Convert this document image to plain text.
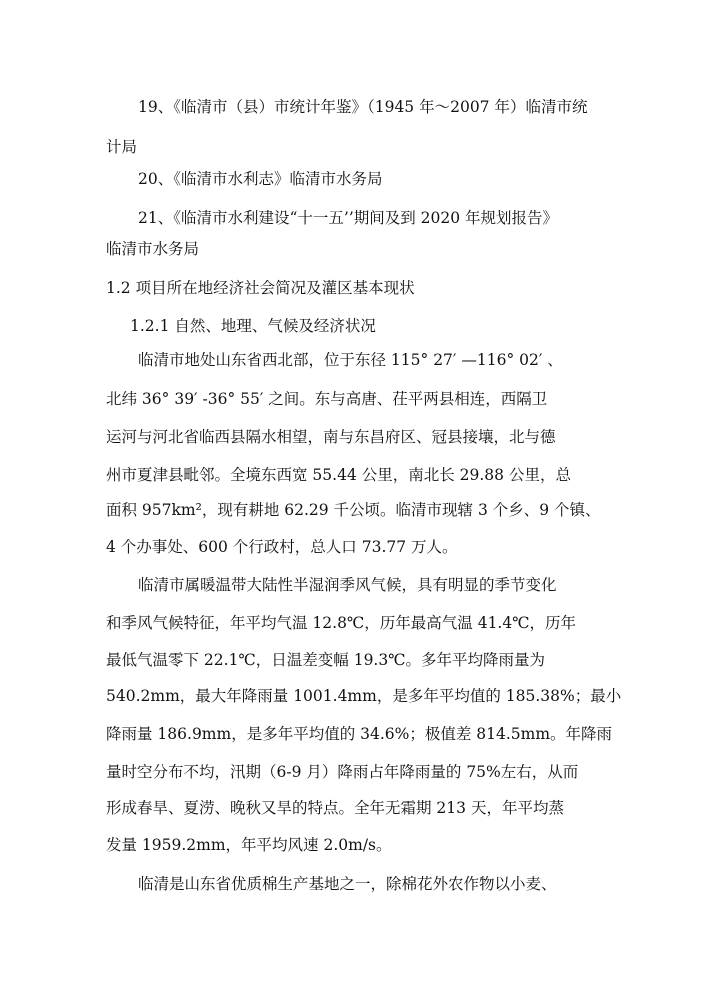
19、《临清市（县）市统计年鉴》（1945 年～2007 年）临清市统
计局
20、《临清市水利志》临清市水务局
21、《临清市水利建设“十一五’’期间及到 2020 年规划报告》
临清市水务局
1.2 项目所在地经济社会简况及灌区基本现状
1.2.1 自然、地理、气候及经济状况
临清市地处山东省西北部，位于东径 115° 27′ —116° 02′ 、
北纬 36° 39′ -36° 55′ 之间。东与高唐、茌平两县相连，西隔卫
运河与河北省临西县隔水相望，南与东昌府区、冠县接壤，北与德
州市夏津县毗邻。全境东西宽 55.44 公里，南北长 29.88 公里，总
面积 957km²，现有耕地 62.29 千公顷。临清市现辖 3 个乡、9 个镇、
4 个办事处、600 个行政村，总人口 73.77 万人。
临清市属暖温带大陆性半湿润季风气候，具有明显的季节变化
和季风气候特征，年平均气温 12.8℃，历年最高气温 41.4℃，历年
最低气温零下 22.1℃，日温差变幅 19.3℃。多年平均降雨量为
540.2mm，最大年降雨量 1001.4mm，是多年平均值的 185.38%；最小
降雨量 186.9mm，是多年平均值的 34.6%；极值差 814.5mm。年降雨
量时空分布不均，汛期（6-9 月）降雨占年降雨量的 75%左右，从而
形成春旱、夏涝、晚秋又旱的特点。全年无霜期 213 天，年平均蒸
发量 1959.2mm，年平均风速 2.0m/s。
临清是山东省优质棉生产基地之一，除棉花外农作物以小麦、
